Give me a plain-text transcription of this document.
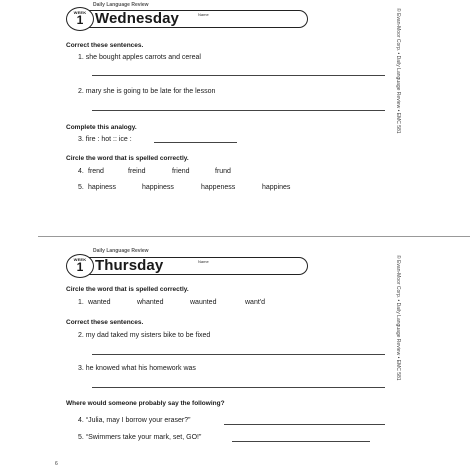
Daily Language Review
WEEK
1 Wednesday	Name
Correct these sentences.
1. she bought apples carrots and cereal
2. mary she is going to be late for the lesson
Complete this analogy.
3. fire : hot :: ice :
Circle the word that is spelled correctly.
4. frend	freind	friend	frund
5. hapiness	happiness	happeness	happines
© Evan-Moor Corp. • Daily Language Review • EMC 581
Daily Language Review
WEEK
1 Thursday	Name
Circle the word that is spelled correctly.
1. wanted	whanted	waunted	want'd
Correct these sentences.
2. my dad taked my sisters bike to be fixed
3. he knowed what his homework was
Where would someone probably say the following?
4. “Julia, may I borrow your eraser?”
5. “Swimmers take your mark, set, GO!”
© Evan-Moor Corp. • Daily Language Review • EMC 581
6
